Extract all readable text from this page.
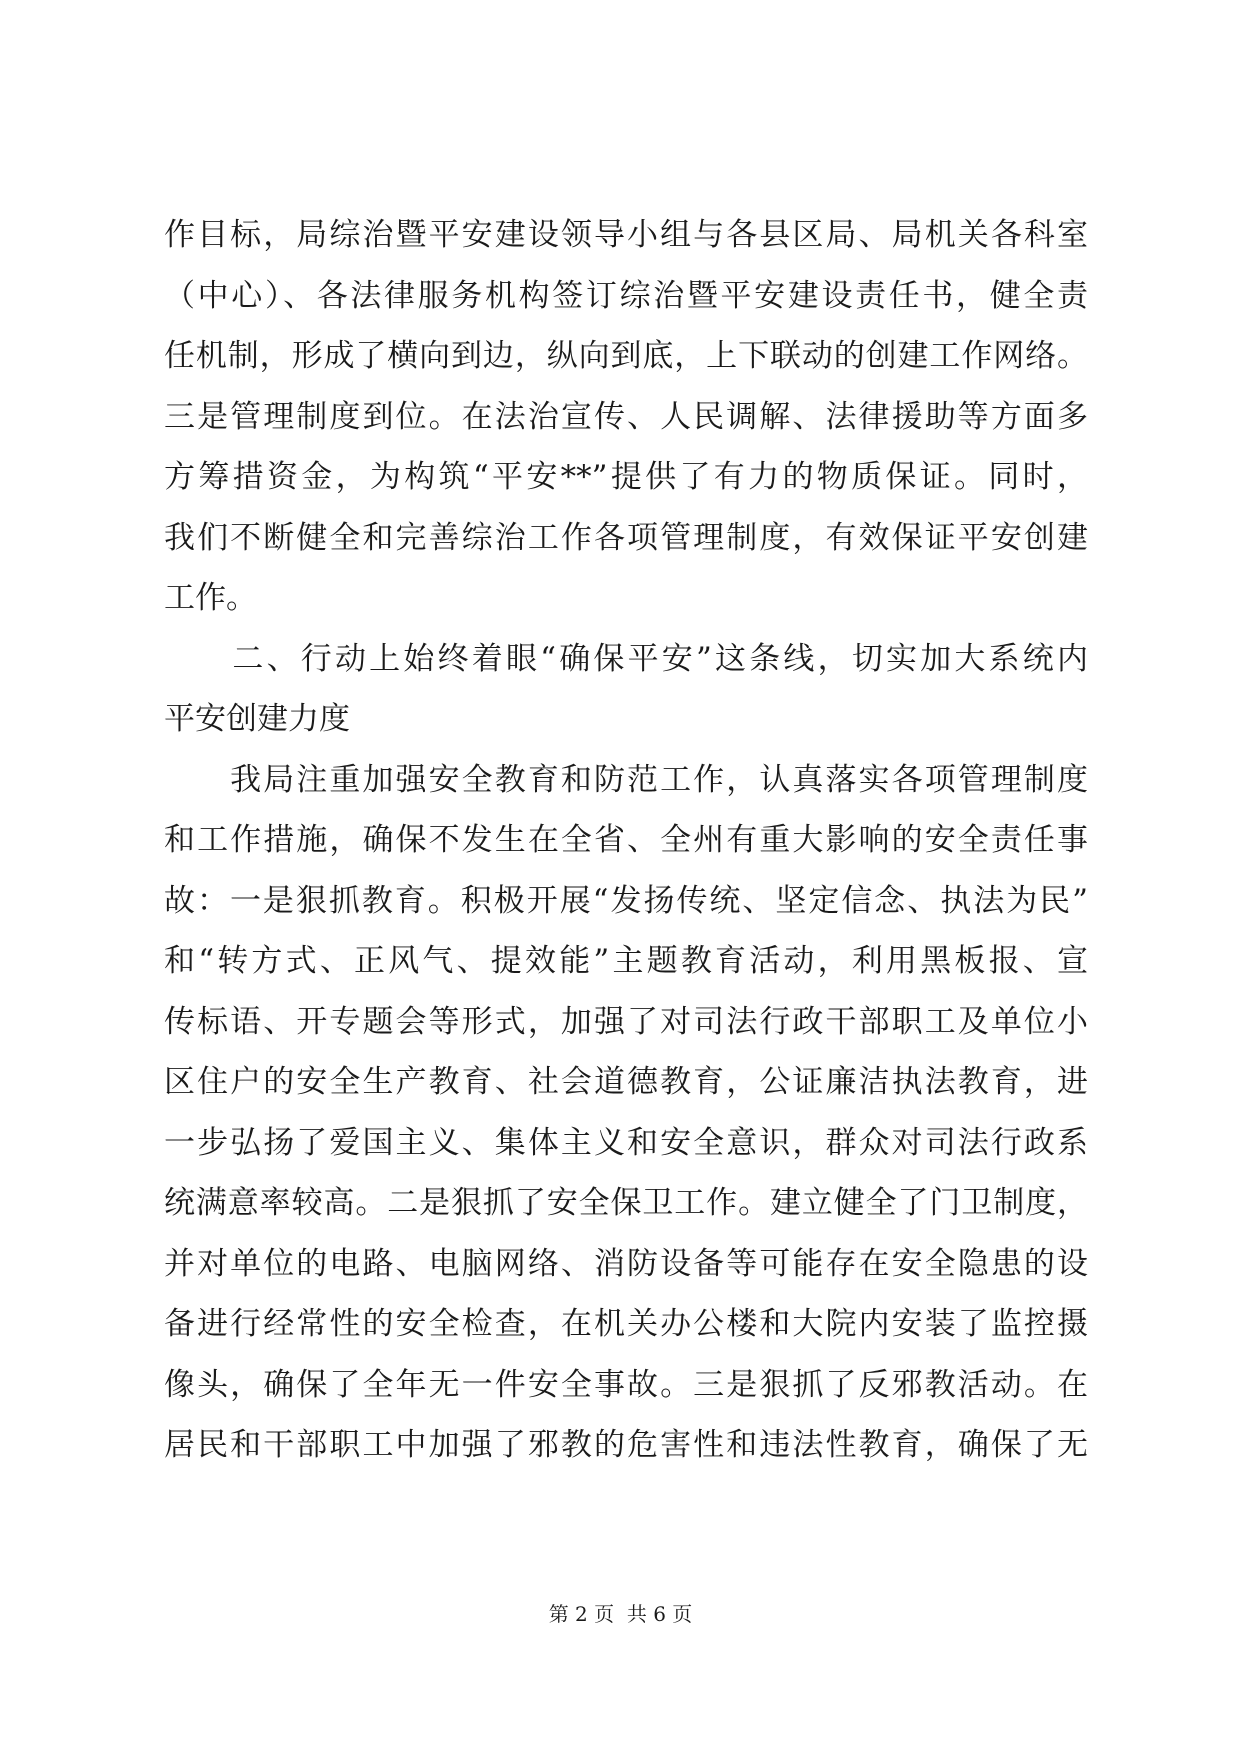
作目标，局综治暨平安建设领导小组与各县区局、局机关各科室
（中心）、各法律服务机构签订综治暨平安建设责任书，健全责
任机制，形成了横向到边，纵向到底，上下联动的创建工作网络。
三是管理制度到位。在法治宣传、人民调解、法律援助等方面多
方筹措资金，为构筑“平安**”提供了有力的物质保证。同时，
我们不断健全和完善综治工作各项管理制度，有效保证平安创建
工作。
　　二、行动上始终着眼“确保平安”这条线，切实加大系统内
平安创建力度
　　我局注重加强安全教育和防范工作，认真落实各项管理制度
和工作措施，确保不发生在全省、全州有重大影响的安全责任事
故：一是狠抓教育。积极开展“发扬传统、坚定信念、执法为民”
和“转方式、正风气、提效能”主题教育活动，利用黑板报、宣
传标语、开专题会等形式，加强了对司法行政干部职工及单位小
区住户的安全生产教育、社会道德教育，公证廉洁执法教育，进
一步弘扬了爱国主义、集体主义和安全意识，群众对司法行政系
统满意率较高。二是狠抓了安全保卫工作。建立健全了门卫制度，
并对单位的电路、电脑网络、消防设备等可能存在安全隐患的设
备进行经常性的安全检查，在机关办公楼和大院内安装了监控摄
像头，确保了全年无一件安全事故。三是狠抓了反邪教活动。在
居民和干部职工中加强了邪教的危害性和违法性教育，确保了无
第 2 页  共 6 页
